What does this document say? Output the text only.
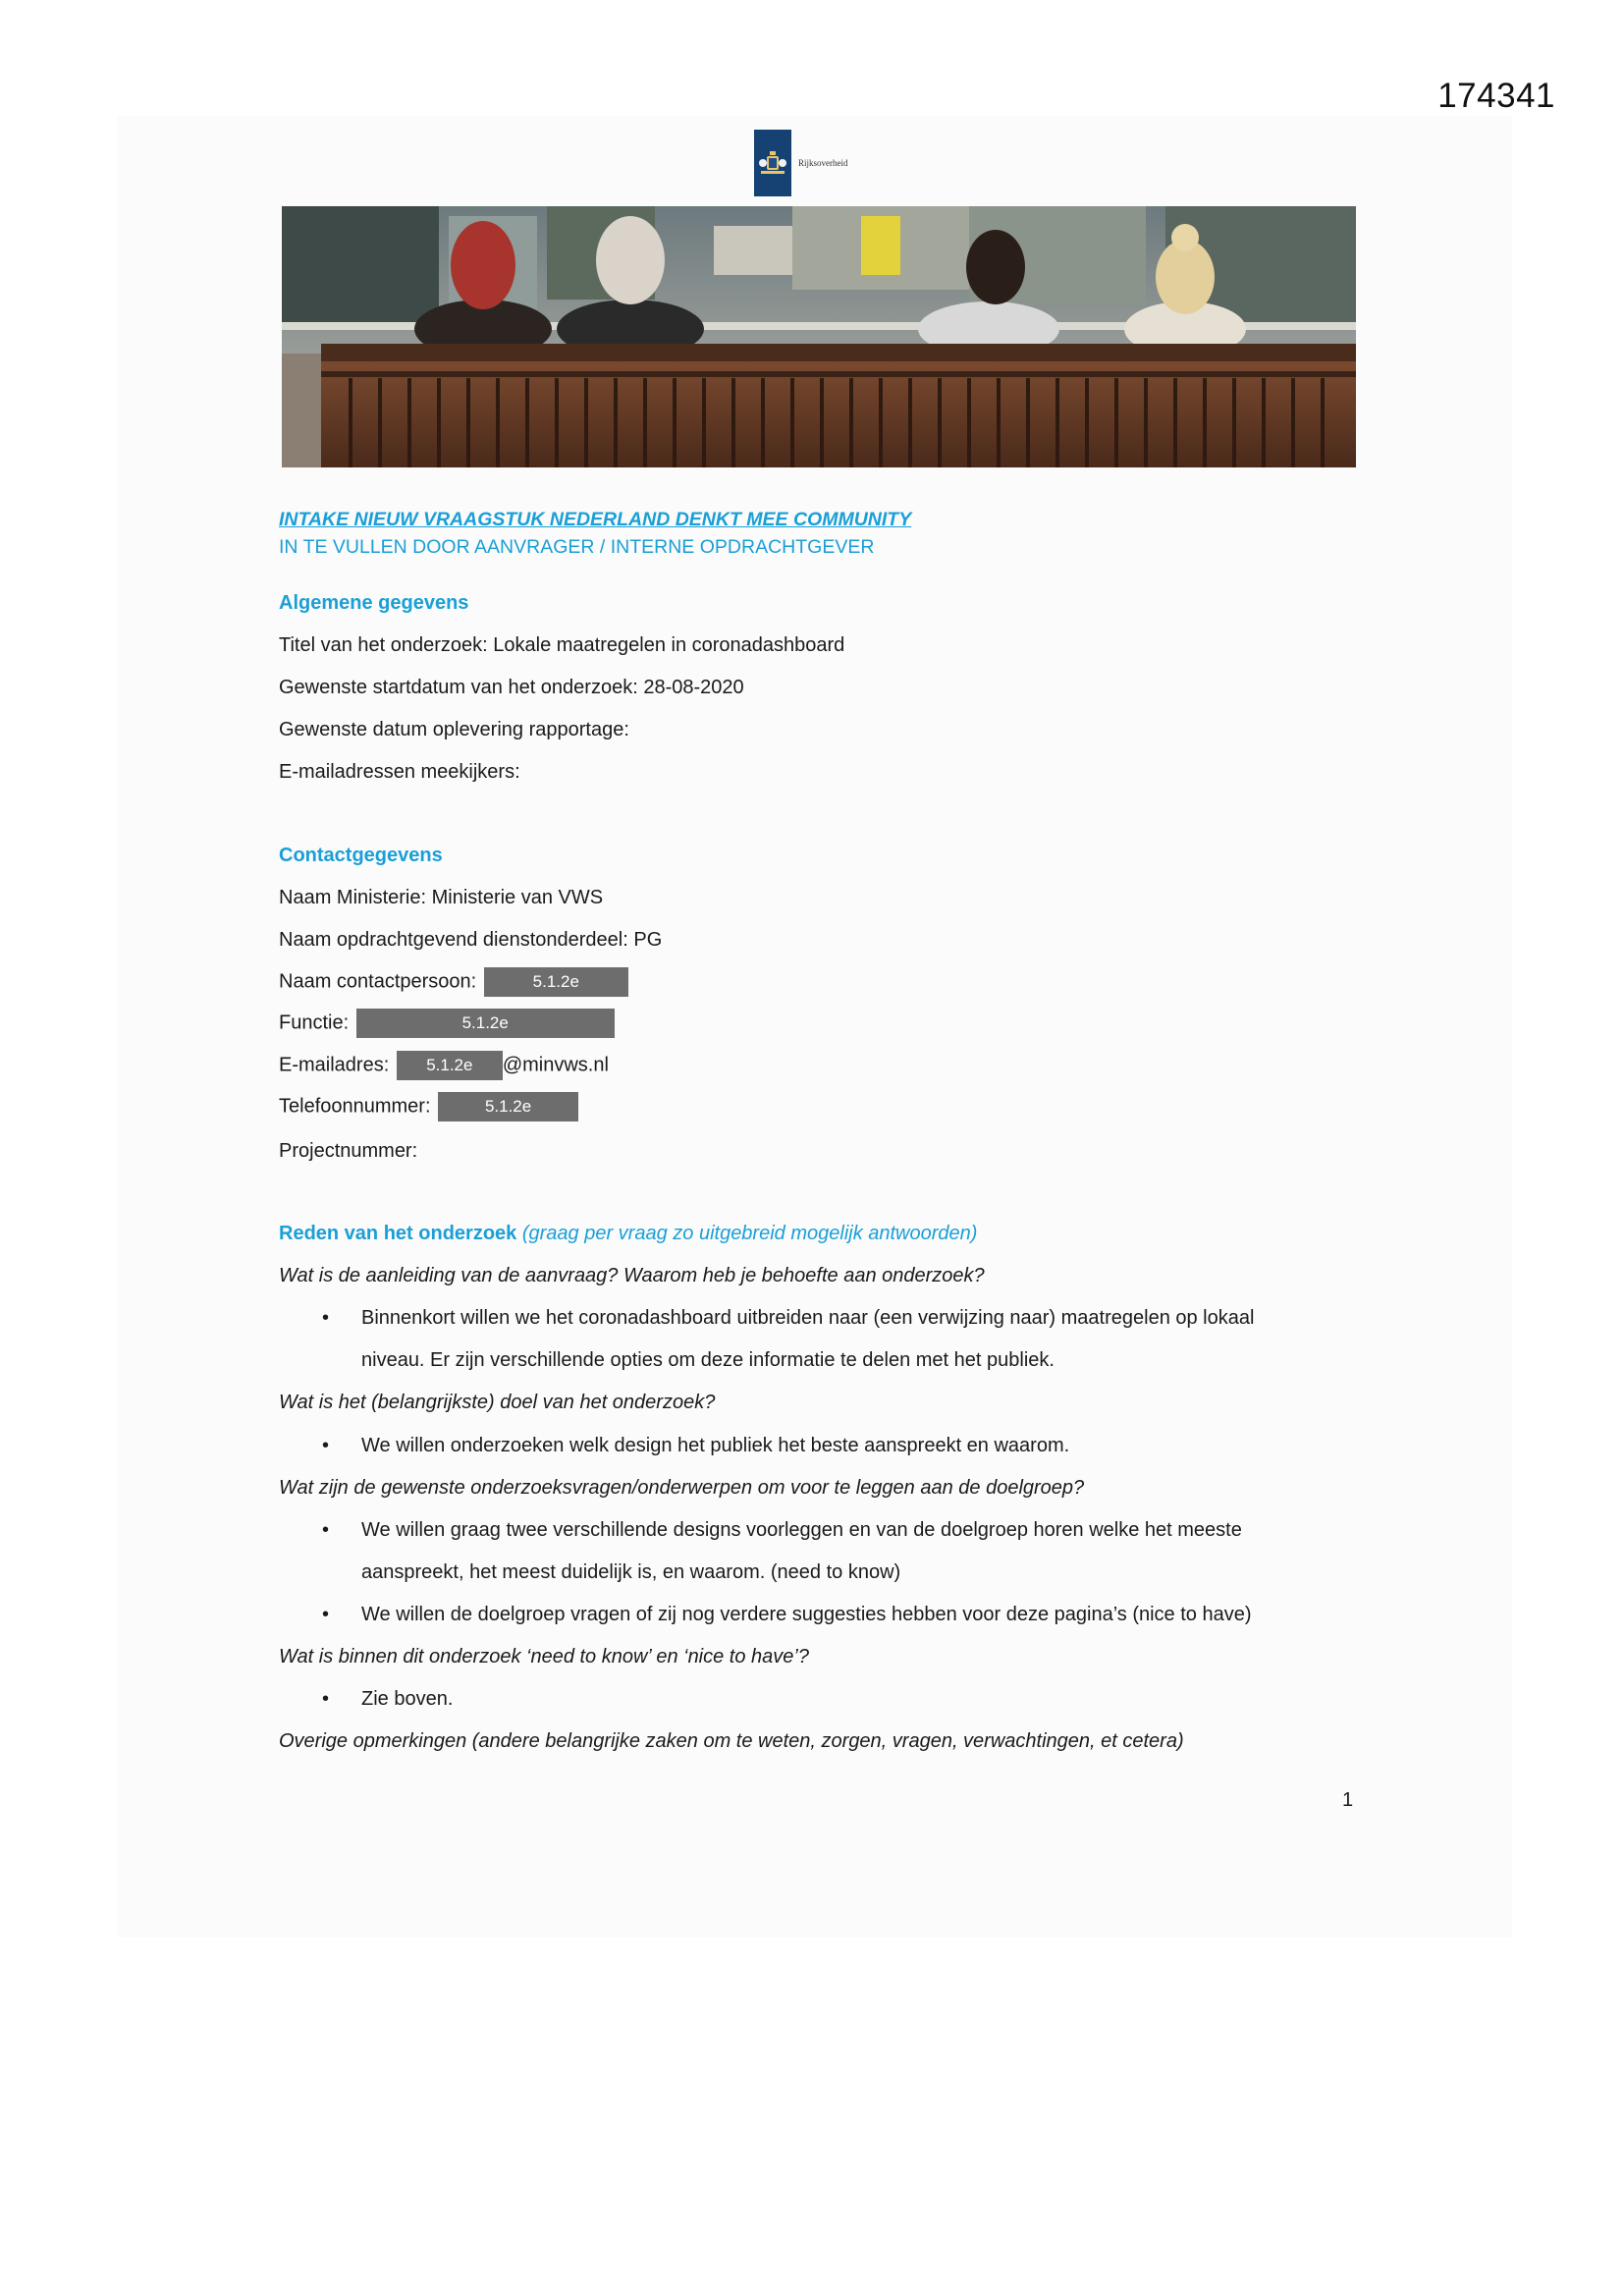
174341
Rijksoverheid
INTAKE NIEUW VRAAGSTUK NEDERLAND DENKT MEE COMMUNITY
IN TE VULLEN DOOR AANVRAGER / INTERNE OPDRACHTGEVER
Algemene gegevens
Titel van het onderzoek: Lokale maatregelen in coronadashboard
Gewenste startdatum van het onderzoek: 28-08-2020
Gewenste datum oplevering rapportage:
E-mailadressen meekijkers:
Contactgegevens
Naam Ministerie: Ministerie van VWS
Naam opdrachtgevend dienstonderdeel: PG
Naam contactpersoon:	5.1.2e
Functie:	5.1.2e
E-mailadres: 5.1.2e @minvws.nl
Telefoonnummer:	5.1.2e
Projectnummer:
Reden van het onderzoek (graag per vraag zo uitgebreid mogelijk antwoorden)
Wat is de aanleiding van de aanvraag? Waarom heb je behoefte aan onderzoek?
• Binnenkort willen we het coronadashboard uitbreiden naar (een verwijzing naar) maatregelen op lokaal
niveau. Er zijn verschillende opties om deze informatie te delen met het publiek.
Wat is het (belangrijkste) doel van het onderzoek?
• We willen onderzoeken welk design het publiek het beste aanspreekt en waarom.
Wat zijn de gewenste onderzoeksvragen/onderwerpen om voor te leggen aan de doelgroep?
• We willen graag twee verschillende designs voorleggen en van de doelgroep horen welke het meeste
aanspreekt, het meest duidelijk is, en waarom. (need to know)
• We willen de doelgroep vragen of zij nog verdere suggesties hebben voor deze pagina’s (nice to have)
Wat is binnen dit onderzoek ‘need to know’ en ‘nice to have’?
• Zie boven.
Overige opmerkingen (andere belangrijke zaken om te weten, zorgen, vragen, verwachtingen, et cetera)
1
